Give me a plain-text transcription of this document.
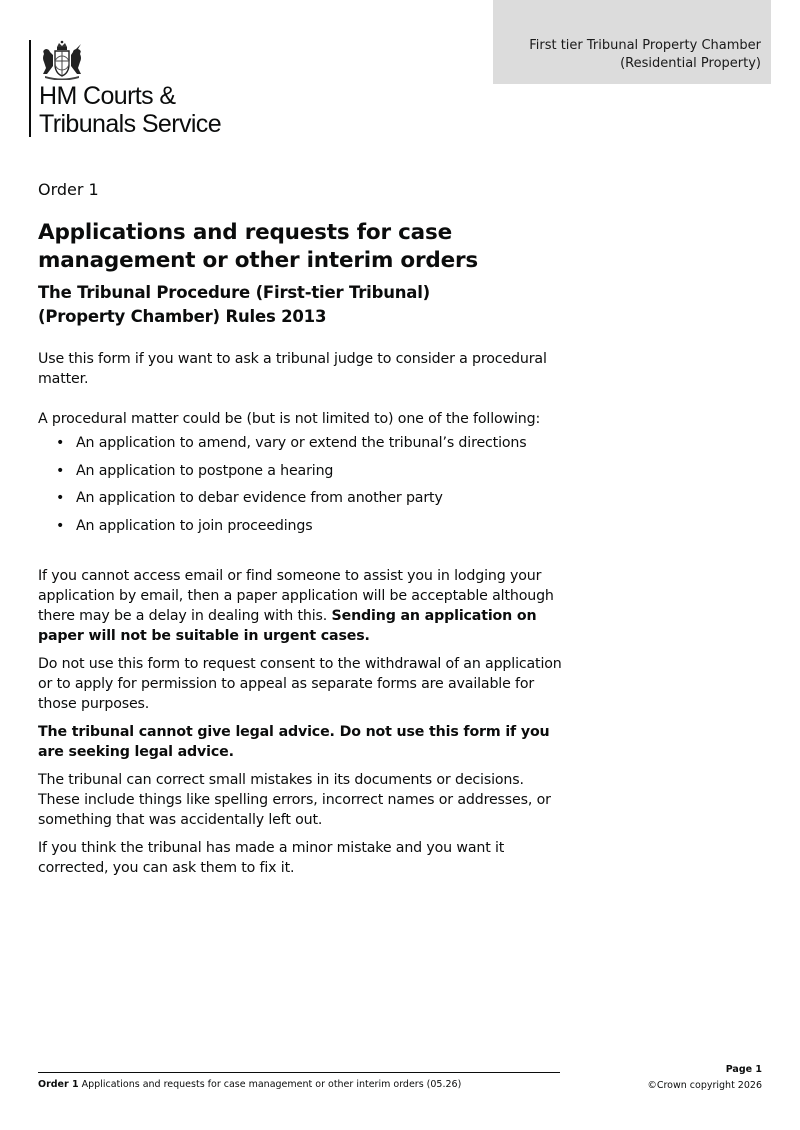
First tier Tribunal Property Chamber
(Residential Property)
HM Courts &
Tribunals Service
Order 1
Applications and requests for case
management or other interim orders
The Tribunal Procedure (First-tier Tribunal)
(Property Chamber) Rules 2013

Use this form if you want to ask a tribunal judge to consider a procedural matter.

A procedural matter could be (but is not limited to) one of the following:

• An application to amend, vary or extend the tribunal’s directions
• An application to postpone a hearing
• An application to debar evidence from another party
• An application to join proceedings

If you cannot access email or find someone to assist you in lodging your application by email, then a paper application will be acceptable although there may be a delay in dealing with this. Sending an application on paper will not be suitable in urgent cases.

Do not use this form to request consent to the withdrawal of an application or to apply for permission to appeal as separate forms are available for those purposes.

The tribunal cannot give legal advice. Do not use this form if you are seeking legal advice.

The tribunal can correct small mistakes in its documents or decisions. These include things like spelling errors, incorrect names or addresses, or something that was accidentally left out.

If you think the tribunal has made a minor mistake and you want it corrected, you can ask them to fix it.

Order 1 Applications and requests for case management or other interim orders (05.26)
Page 1
©Crown copyright 2026
